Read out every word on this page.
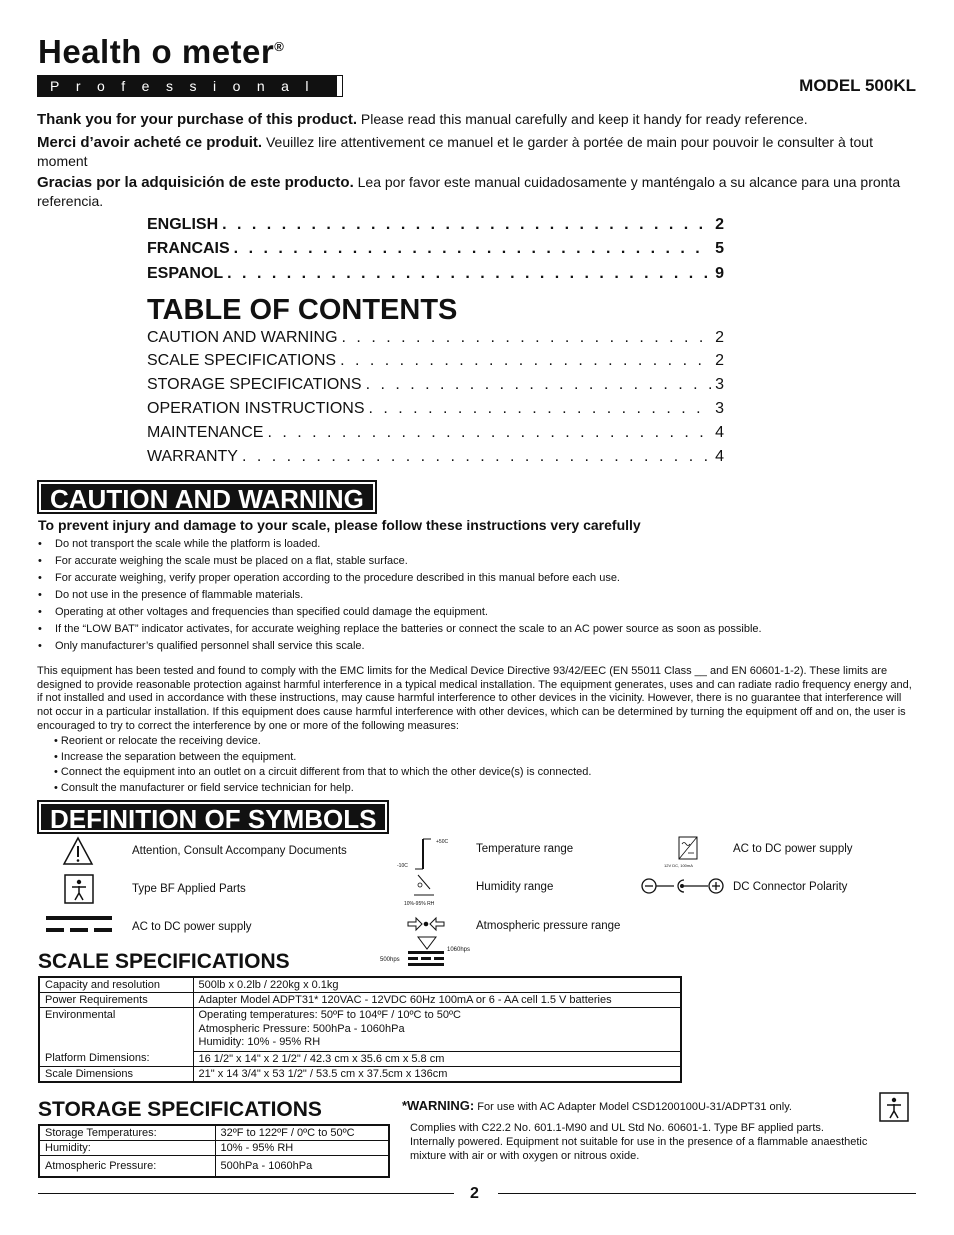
Health o meter®
Professional	MODEL 500KL
Thank you for your purchase of this product. Please read this manual carefully and keep it handy for ready reference.
Merci d’avoir acheté ce produit. Veuillez lire attentivement ce manuel et le garder à portée de main pour pouvoir le consulter à tout moment
Gracias por la adquisición de este producto. Lea por favor este manual cuidadosamente y manténgalo a su alcance para una pronta referencia.
ENGLISH . . .	2
FRANCAIS . . .	5
ESPANOL . . .	9
TABLE OF CONTENTS
CAUTION AND WARNING . . .	2
SCALE SPECIFICATIONS . . .	2
STORAGE SPECIFICATIONS . . .	3
OPERATION INSTRUCTIONS . . .	3
MAINTENANCE . . .	4
WARRANTY . . .	4
CAUTION AND WARNING
To prevent injury and damage to your scale, please follow these instructions very carefully
• Do not transport the scale while the platform is loaded.
• For accurate weighing the scale must be placed on a flat, stable surface.
• For accurate weighing, verify proper operation according to the procedure described in this manual before each use.
• Do not use in the presence of flammable materials.
• Operating at other voltages and frequencies than specified could damage the equipment.
• If the “LOW BAT” indicator activates, for accurate weighing replace the batteries or connect the scale to an AC power source as soon as possible.
• Only manufacturer’s qualified personnel shall service this scale.
This equipment has been tested and found to comply with the EMC limits for the Medical Device Directive 93/42/EEC (EN 55011 Class __ and EN 60601-1-2). These limits are designed to provide reasonable protection against harmful interference in a typical medical installation. The equipment generates, uses and can radiate radio frequency energy and, if not installed and used in accordance with these instructions, may cause harmful interference to other devices in the vicinity. However, there is no guarantee that interference will not occur in a particular installation. If this equipment does cause harmful interference with other devices, which can be determined by turning the equipment off and on, the user is encouraged to try to correct the interference by one or more of the following measures:
• Reorient or relocate the receiving device.
• Increase the separation between the equipment.
• Connect the equipment into an outlet on a circuit different from that to which the other device(s) is connected.
• Consult the manufacturer or field service technician for help.
DEFINITION OF SYMBOLS
Attention, Consult Accompany Documents
Type BF Applied Parts
AC to DC power supply
+50C
-10C
Temperature range
10%-95% RH
Humidity range
500hps
1060hps
Atmospheric pressure range
12V DC, 100mA
AC to DC power supply
DC Connector Polarity
SCALE SPECIFICATIONS
Capacity and resolution	500lb x 0.2lb / 220kg x 0.1kg
Power Requirements	Adapter Model ADPT31* 120VAC - 12VDC 60Hz 100mA or 6 - AA cell 1.5 V batteries
Environmental	Operating temperatures: 50ºF to 104ºF / 10ºC to 50ºC
Atmospheric Pressure: 500hPa - 1060hPa
Humidity: 10% - 95% RH

Platform Dimensions:	16 1/2" x 14" x 2 1/2" / 42.3 cm x 35.6 cm x 5.8 cm
Scale Dimensions	21" x 14 3/4" x 53 1/2" / 53.5 cm x 37.5cm x 136cm
STORAGE SPECIFICATIONS
Storage Temperatures:	32ºF to 122ºF / 0ºC to 50ºC
Humidity:	10% - 95% RH
Atmospheric Pressure:	500hPa - 1060hPa
*WARNING: For use with AC Adapter Model CSD1200100U-31/ADPT31 only.
Complies with C22.2 No. 601.1-M90 and UL Std No. 60601-1. Type BF applied parts. Internally powered. Equipment not suitable for use in the presence of a flammable anaesthetic mixture with air or with oxygen or nitrous oxide.
2
